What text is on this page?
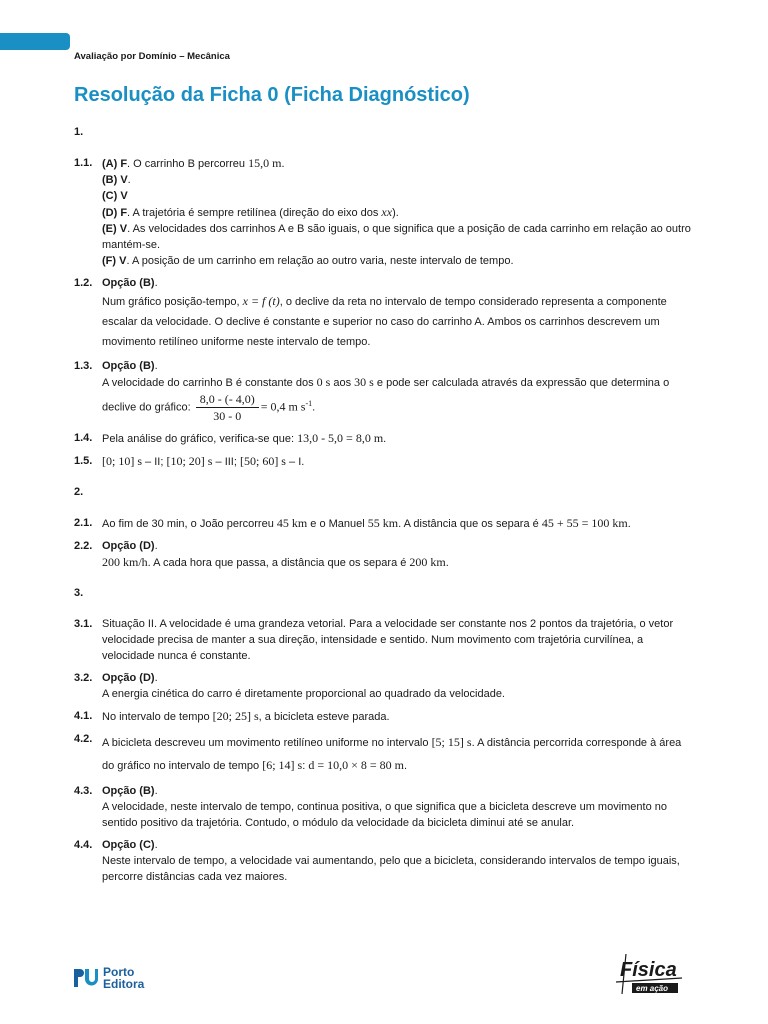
Avaliação por Domínio – Mecânica
Resolução da Ficha 0 (Ficha Diagnóstico)
1.
1.1. (A) F. O carrinho B percorreu 15,0 m.
(B) V.
(C) V
(D) F. A trajetória é sempre retilínea (direção do eixo dos xx).
(E) V. As velocidades dos carrinhos A e B são iguais, o que significa que a posição de cada carrinho em relação ao outro mantém-se.
(F) V. A posição de um carrinho em relação ao outro varia, neste intervalo de tempo.
1.2. Opção (B).
Num gráfico posição-tempo, x = f (t), o declive da reta no intervalo de tempo considerado representa a componente escalar da velocidade. O declive é constante e superior no caso do carrinho A. Ambos os carrinhos descrevem um movimento retilíneo uniforme neste intervalo de tempo.
1.3. Opção (B).
A velocidade do carrinho B é constante dos 0 s aos 30 s e pode ser calculada através da expressão que determina o declive do gráfico: $\frac{8,0 - (- 4,0)}{30 - 0} = 0,4$ m $s^{-1}$.
1.4. Pela análise do gráfico, verifica-se que: 13,0 - 5,0 = 8,0 m.
1.5. [0; 10] s – II; [10; 20] s – III; [50; 60] s – I.
2.
2.1. Ao fim de 30 min, o João percorreu 45 km e o Manuel 55 km. A distância que os separa é 45 + 55 = 100 km.
2.2. Opção (D).
200 km/h. A cada hora que passa, a distância que os separa é 200 km.
3.
3.1. Situação II. A velocidade é uma grandeza vetorial. Para a velocidade ser constante nos 2 pontos da trajetória, o vetor velocidade precisa de manter a sua direção, intensidade e sentido. Num movimento com trajetória curvilínea, a velocidade nunca é constante.
3.2. Opção (D).
A energia cinética do carro é diretamente proporcional ao quadrado da velocidade.
4.1. No intervalo de tempo [20; 25] s, a bicicleta esteve parada.
4.2. A bicicleta descreveu um movimento retilíneo uniforme no intervalo [5; 15] s. A distância percorrida corresponde à área do gráfico no intervalo de tempo [6; 14] s: d = 10,0 × 8 = 80 m.
4.3. Opção (B).
A velocidade, neste intervalo de tempo, continua positiva, o que significa que a bicicleta descreve um movimento no sentido positivo da trajetória. Contudo, o módulo da velocidade da bicicleta diminui até se anular.
4.4. Opção (C).
Neste intervalo de tempo, a velocidade vai aumentando, pelo que a bicicleta, considerando intervalos de tempo iguais, percorre distâncias cada vez maiores.
Porto
Editora
Física
em ação
